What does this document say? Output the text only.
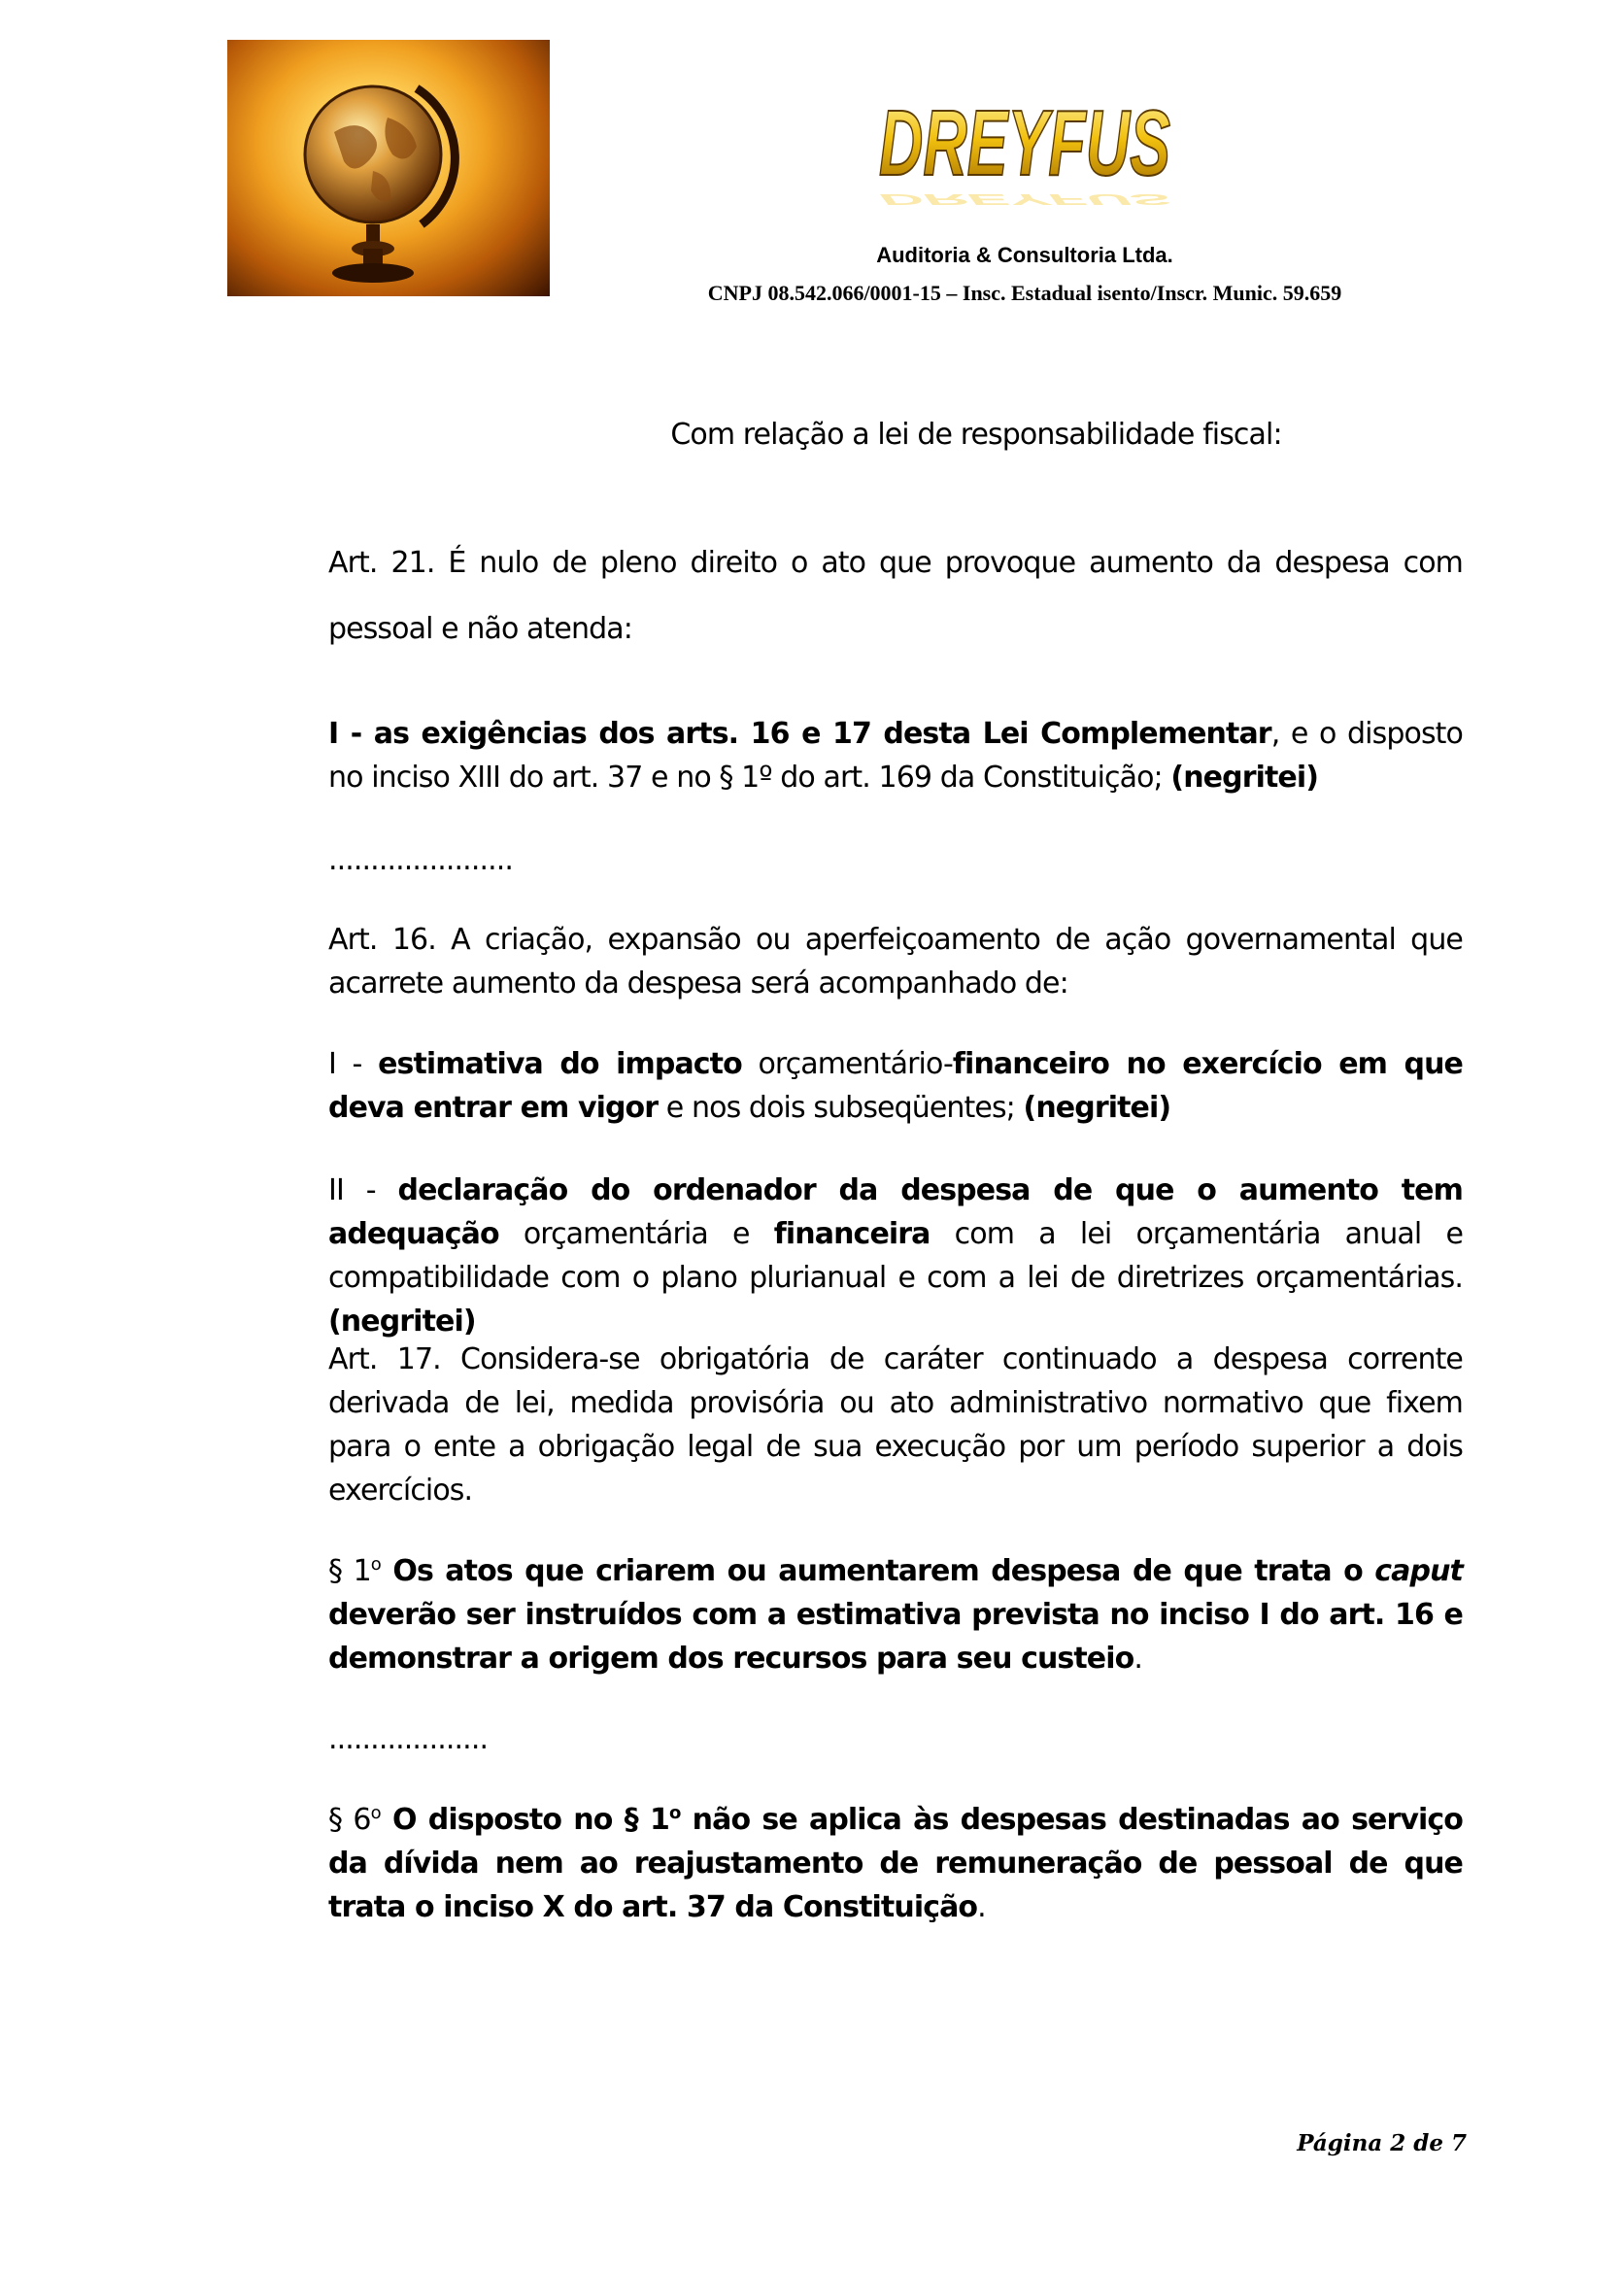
DREYFUS
DREYFUS
Auditoria & Consultoria Ltda.
CNPJ 08.542.066/0001-15 – Insc. Estadual isento/Inscr. Munic. 59.659
Com relação a lei de responsabilidade fiscal:
Art. 21. É nulo de pleno direito o ato que provoque aumento da despesa com
pessoal e não atenda:
I - as exigências dos arts. 16 e 17 desta Lei Complementar, e o disposto no inciso XIII do art. 37 e no § 1º do art. 169 da Constituição; (negritei)
......................
Art. 16. A criação, expansão ou aperfeiçoamento de ação governamental que acarrete aumento da despesa será acompanhado de:
I - estimativa do impacto orçamentário-financeiro no exercício em que deva entrar em vigor e nos dois subseqüentes; (negritei)
II - declaração do ordenador da despesa de que o aumento tem adequação orçamentária e financeira com a lei orçamentária anual e compatibilidade com o plano plurianual e com a lei de diretrizes orçamentárias. (negritei)
Art. 17. Considera-se obrigatória de caráter continuado a despesa corrente derivada de lei, medida provisória ou ato administrativo normativo que fixem para o ente a obrigação legal de sua execução por um período superior a dois exercícios.
§ 1$^o$ Os atos que criarem ou aumentarem despesa de que trata o caput deverão ser instruídos com a estimativa prevista no inciso I do art. 16 e demonstrar a origem dos recursos para seu custeio.
...................
§ 6$^o$ O disposto no § 1$^o$ não se aplica às despesas destinadas ao serviço da dívida nem ao reajustamento de remuneração de pessoal de que trata o inciso X do art. 37 da Constituição.
Página 2 de 7
